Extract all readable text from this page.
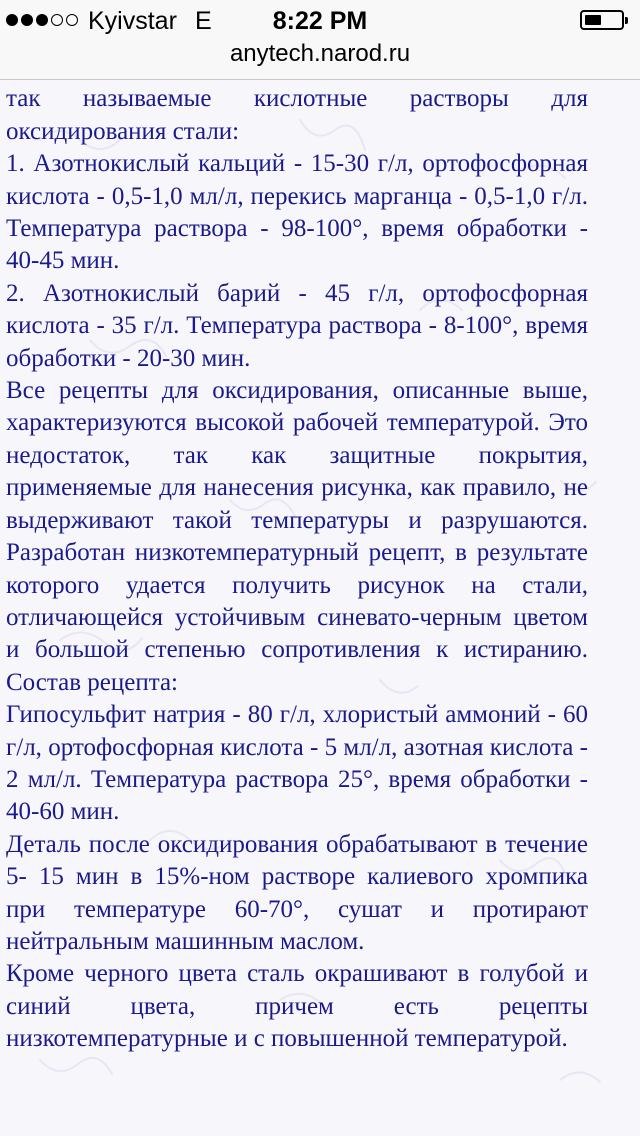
Kyivstar E	8:22 PM
anytech.narod.ru

так называемые кислотные растворы для оксидирования стали:

1. Азотнокислый кальций - 15-30 г/л, ортофосфорная кислота - 0,5-1,0 мл/л, перекись марганца - 0,5-1,0 г/л. Температура раствора - 98-100°, время обработки - 40-45 мин.

2. Азотнокислый барий - 45 г/л, ортофосфорная кислота - 35 г/л. Температура раствора - 8-100°, время обработки - 20-30 мин.

Все рецепты для оксидирования, описанные выше, характеризуются высокой рабочей температурой. Это недостаток, так как защитные покрытия, применяемые для нанесения рисунка, как правило, не выдерживают такой температуры и разрушаются. Разработан низкотемпературный рецепт, в результате которого удается получить рисунок на стали, отличающейся устойчивым синевато-черным цветом и большой степенью сопротивления к истиранию. Состав рецепта:

Гипосульфит натрия - 80 г/л, хлористый аммоний - 60 г/л, ортофосфорная кислота - 5 мл/л, азотная кислота - 2 мл/л. Температура раствора 25°, время обработки - 40-60 мин.

Деталь после оксидирования обрабатывают в течение 5- 15 мин в 15%-ном растворе калиевого хромпика при температуре 60-70°, сушат и протирают нейтральным машинным маслом.

Кроме черного цвета сталь окрашивают в голубой и синий цвета, причем есть рецепты низкотемпературные и с повышенной температурой.
